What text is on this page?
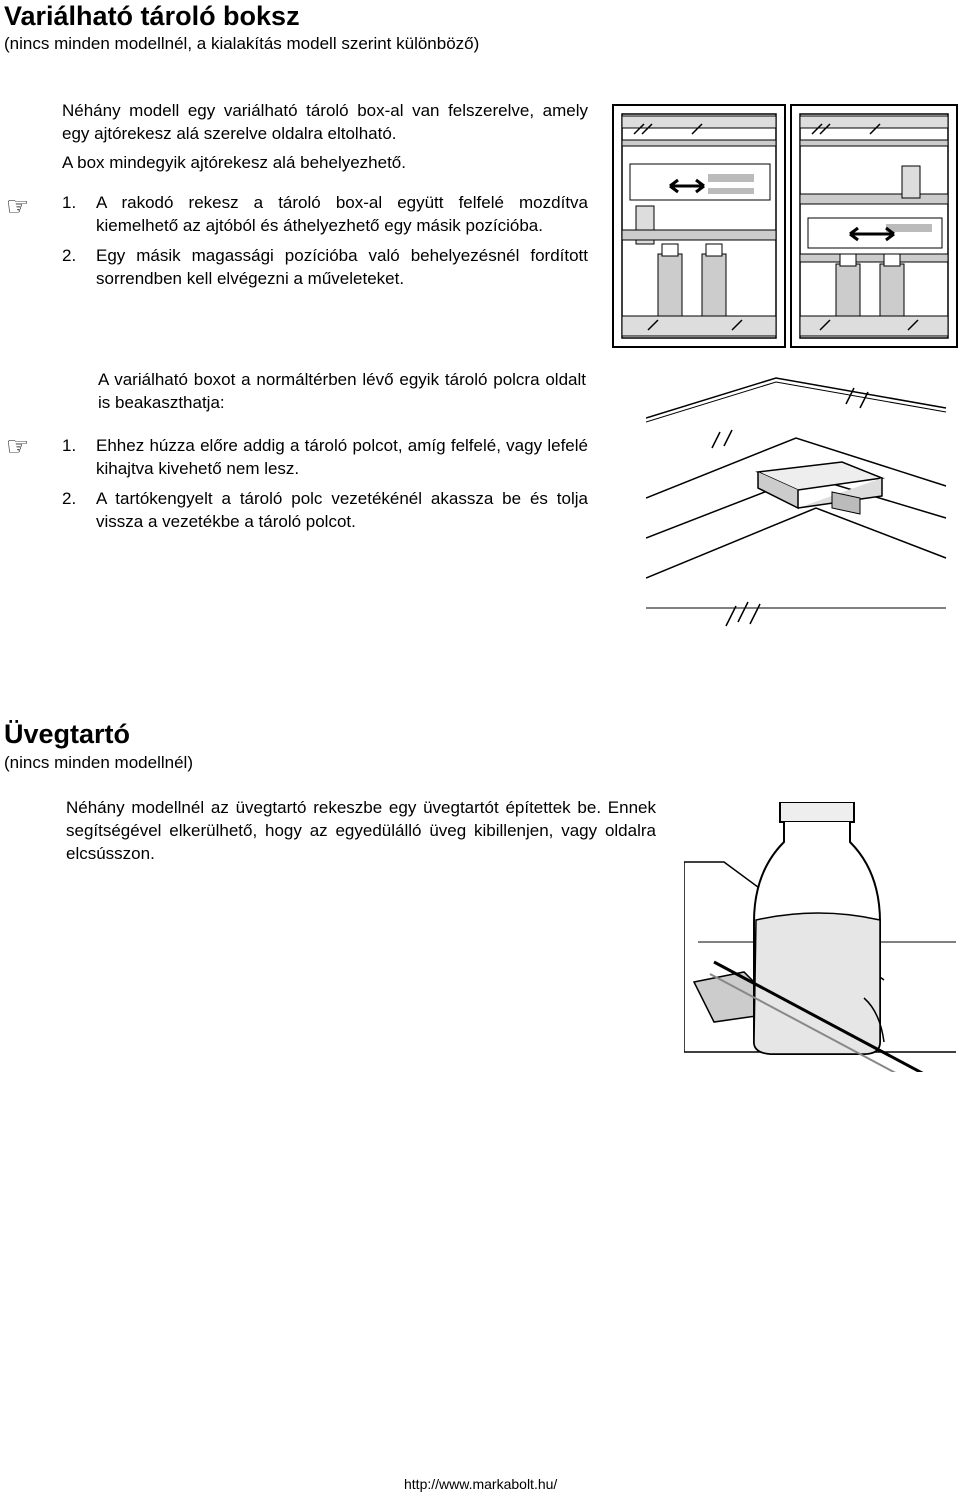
Variálható tároló boksz
(nincs minden modellnél, a kialakítás modell szerint különböző)

Néhány modell egy variálható tároló box-al van felszerelve, amely egy ajtórekesz alá szerelve oldalra eltolható.

A box mindegyik ajtórekesz alá behelyezhető.

☞ 1. A rakodó rekesz a tároló box-al együtt felfelé mozdítva kiemelhető az ajtóból és áthelyezhető egy másik pozícióba.
2. Egy másik magassági pozícióba való behelyezésnél fordított sorrendben kell elvégezni a műveleteket.
A variálható boxot a normáltérben lévő egyik tároló polcra oldalt is beakaszthatja:
☞ 1. Ehhez húzza előre addig a tároló polcot, amíg felfelé, vagy lefelé kihajtva kivehető nem lesz.
2. A tartókengyelt a tároló polc vezetékénél akassza be és tolja vissza a vezetékbe a tároló polcot.
Üvegtartó
(nincs minden modellnél)
Néhány modellnél az üvegtartó rekeszbe egy üvegtartót építettek be. Ennek segítségével elkerülhető, hogy az egyedülálló üveg kibillenjen, vagy oldalra elcsússzon.
http://www.markabolt.hu/
